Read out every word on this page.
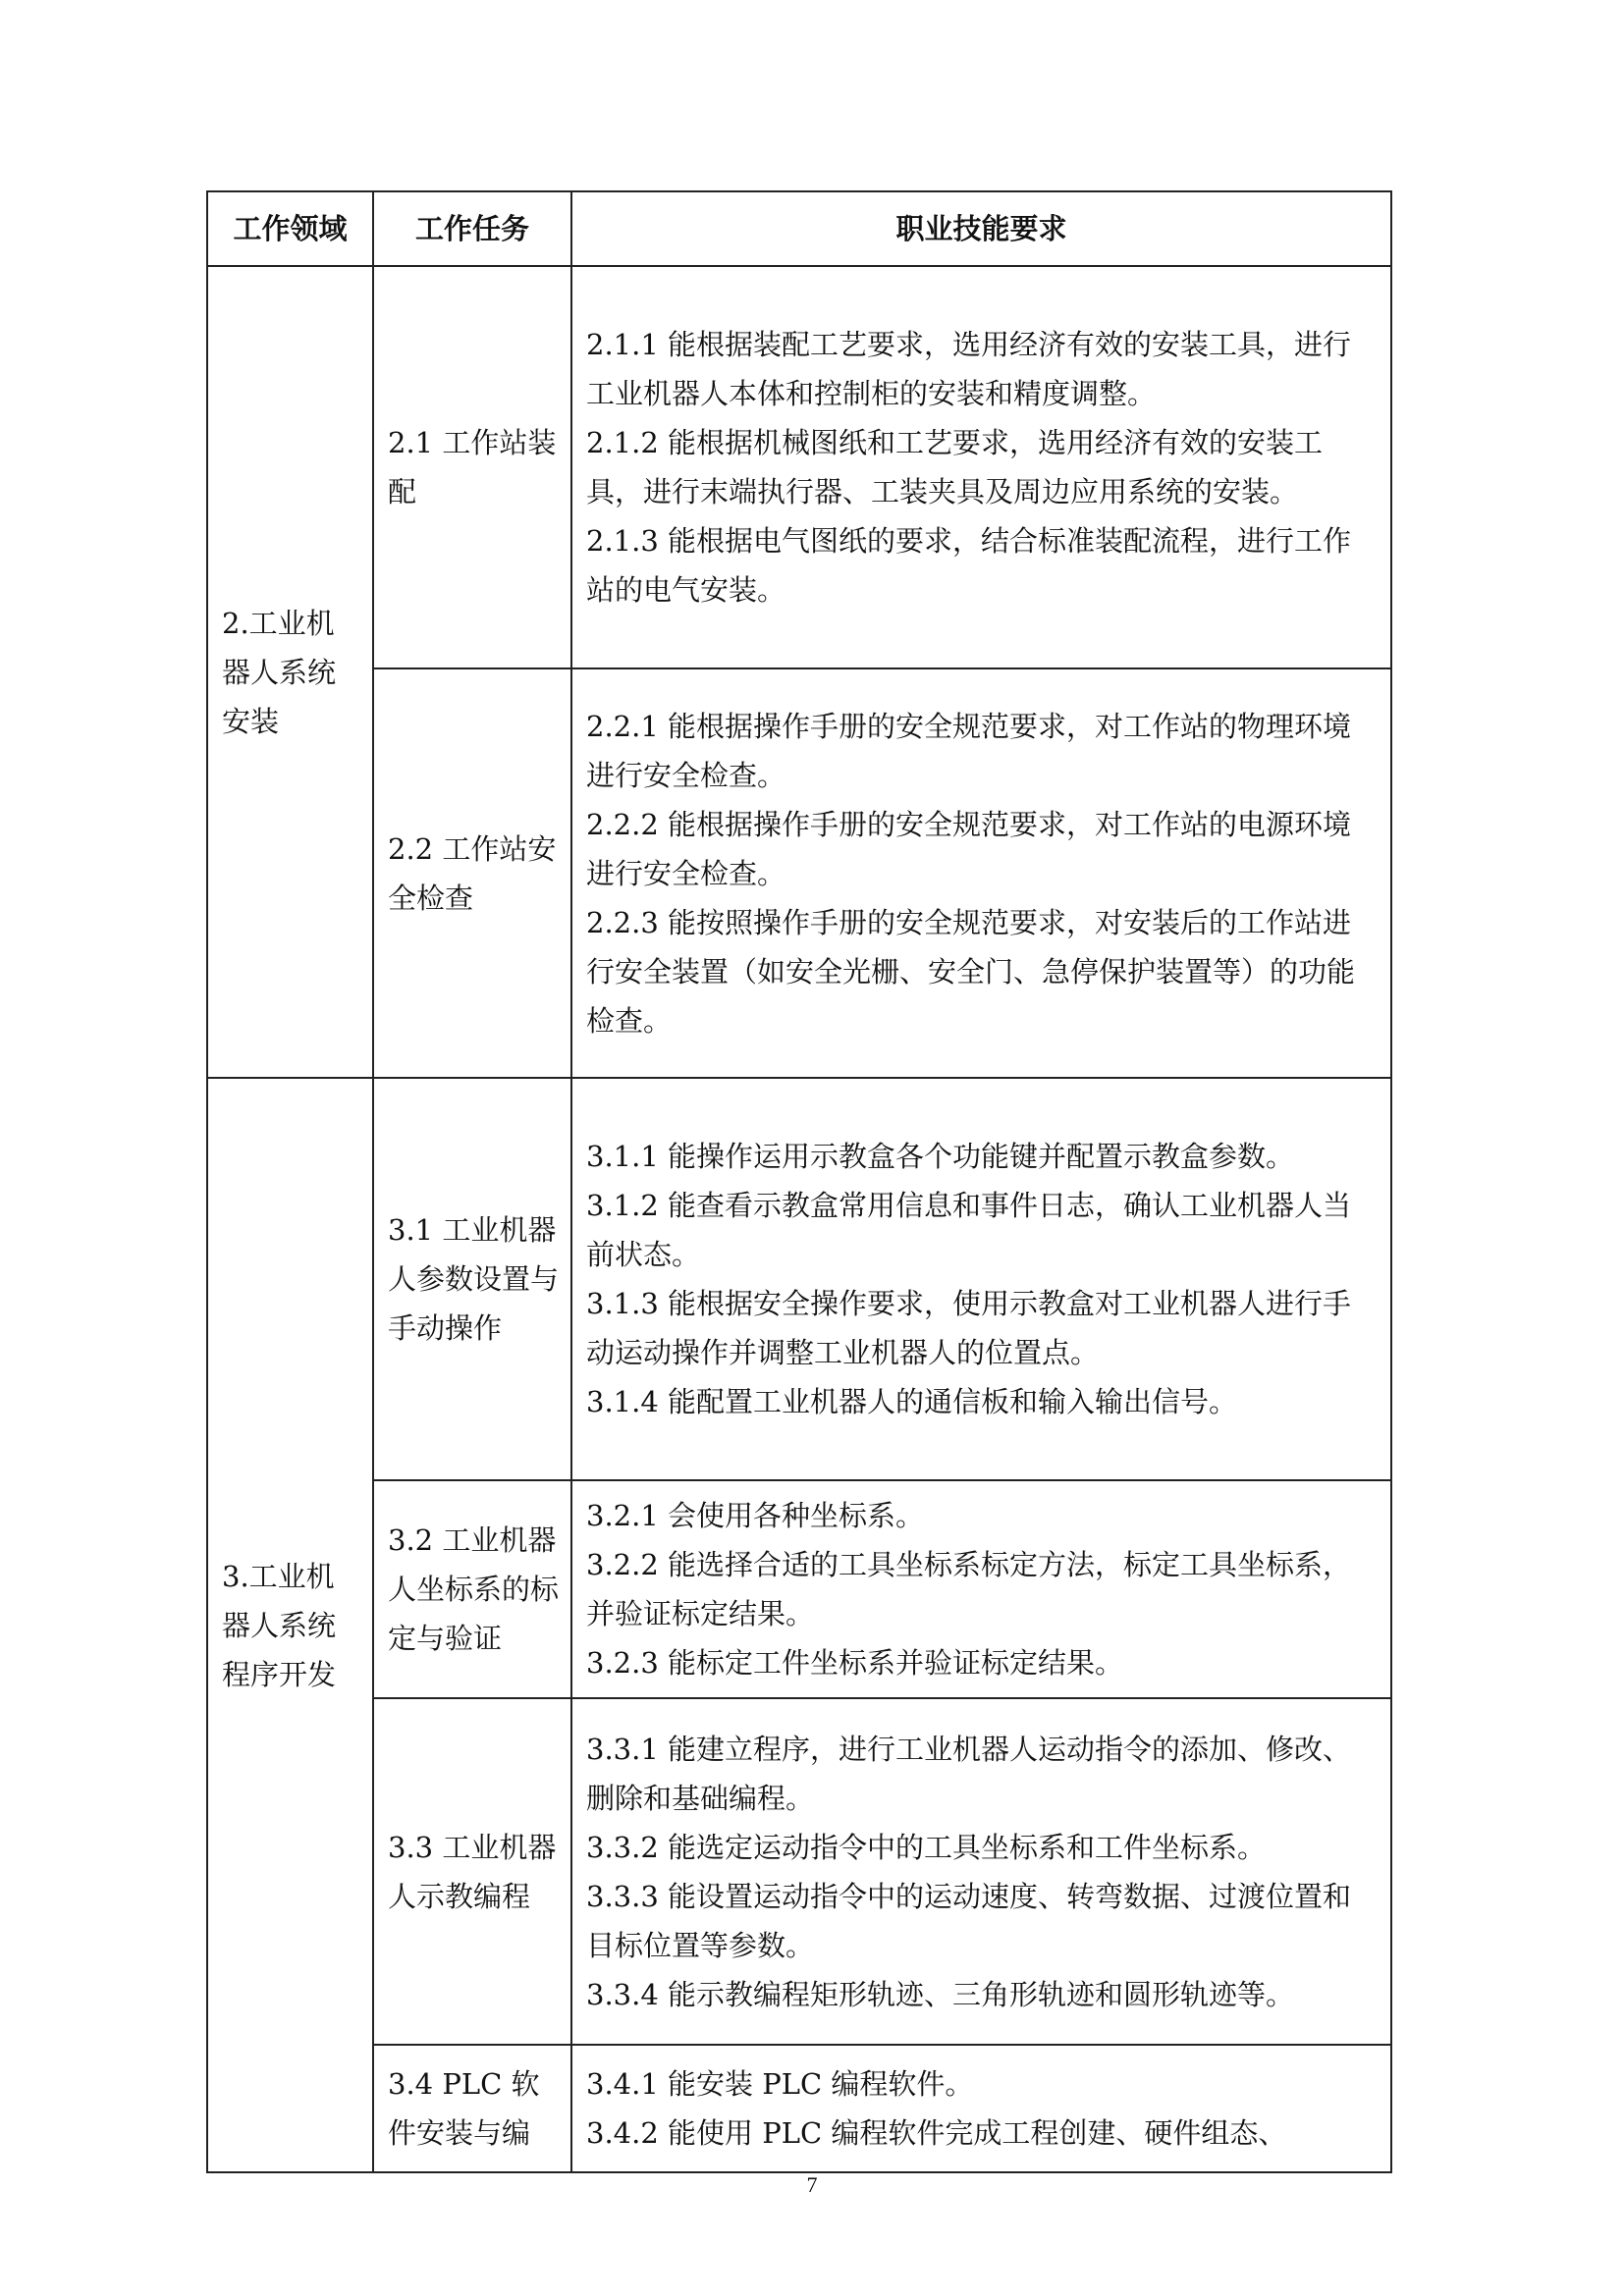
工作领域	工作任务	职业技能要求
2.工业机器人系统安装	2.1 工作站装配	2.1.1 能根据装配工艺要求，选用经济有效的安装工具，进行工业机器人本体和控制柜的安装和精度调整。
2.1.2 能根据机械图纸和工艺要求，选用经济有效的安装工具，进行末端执行器、工装夹具及周边应用系统的安装。
2.1.3 能根据电气图纸的要求，结合标准装配流程，进行工作站的电气安装。

	2.2 工作站安全检查	2.2.1 能根据操作手册的安全规范要求，对工作站的物理环境进行安全检查。
2.2.2 能根据操作手册的安全规范要求，对工作站的电源环境进行安全检查。
2.2.3 能按照操作手册的安全规范要求，对安装后的工作站进行安全装置（如安全光栅、安全门、急停保护装置等）的功能检查。

3.工业机器人系统程序开发	3.1 工业机器人参数设置与手动操作	3.1.1 能操作运用示教盒各个功能键并配置示教盒参数。
3.1.2 能查看示教盒常用信息和事件日志，确认工业机器人当前状态。
3.1.3 能根据安全操作要求，使用示教盒对工业机器人进行手动运动操作并调整工业机器人的位置点。
3.1.4 能配置工业机器人的通信板和输入输出信号。

	3.2 工业机器人坐标系的标定与验证	3.2.1 会使用各种坐标系。
3.2.2 能选择合适的工具坐标系标定方法，标定工具坐标系，并验证标定结果。
3.2.3 能标定工件坐标系并验证标定结果。

	3.3 工业机器人示教编程	3.3.1 能建立程序，进行工业机器人运动指令的添加、修改、删除和基础编程。
3.3.2 能选定运动指令中的工具坐标系和工件坐标系。
3.3.3 能设置运动指令中的运动速度、转弯数据、过渡位置和目标位置等参数。
3.3.4 能示教编程矩形轨迹、三角形轨迹和圆形轨迹等。

	3.4 PLC 软件安装与编	3.4.1 能安装 PLC 编程软件。
3.4.2 能使用 PLC 编程软件完成工程创建、硬件组态、
7
